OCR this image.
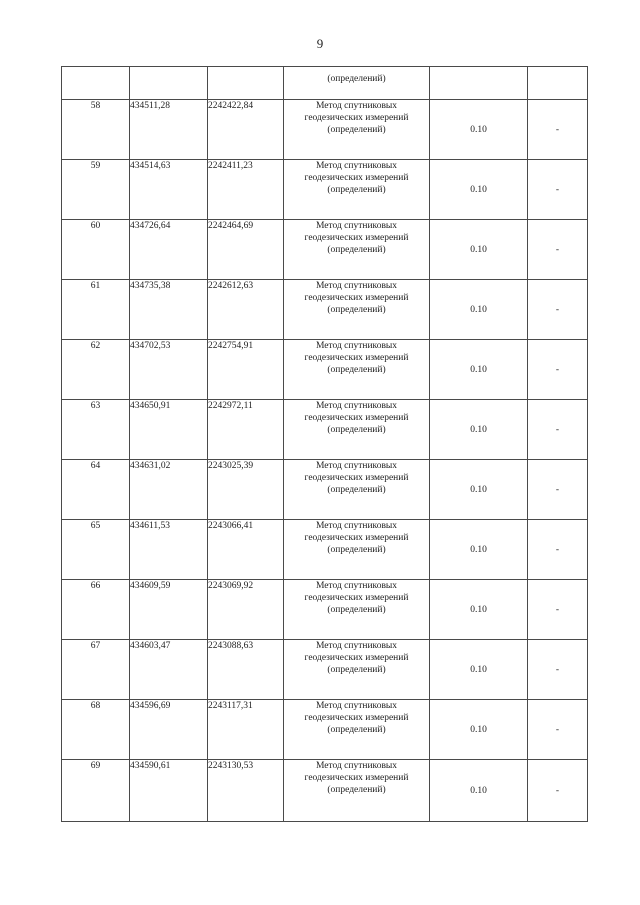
9
			(определений)		
58	434511,28	2242422,84	Метод спутниковых
геодезических измерений
(определений)	0.10	-
59	434514,63	2242411,23	Метод спутниковых
геодезических измерений
(определений)	0.10	-
60	434726,64	2242464,69	Метод спутниковых
геодезических измерений
(определений)	0.10	-
61	434735,38	2242612,63	Метод спутниковых
геодезических измерений
(определений)	0.10	-
62	434702,53	2242754,91	Метод спутниковых
геодезических измерений
(определений)	0.10	-
63	434650,91	2242972,11	Метод спутниковых
геодезических измерений
(определений)	0.10	-
64	434631,02	2243025,39	Метод спутниковых
геодезических измерений
(определений)	0.10	-
65	434611,53	2243066,41	Метод спутниковых
геодезических измерений
(определений)	0.10	-
66	434609,59	2243069,92	Метод спутниковых
геодезических измерений
(определений)	0.10	-
67	434603,47	2243088,63	Метод спутниковых
геодезических измерений
(определений)	0.10	-
68	434596,69	2243117,31	Метод спутниковых
геодезических измерений
(определений)	0.10	-
69	434590,61	2243130,53	Метод спутниковых
геодезических измерений
(определений)	0.10	-
